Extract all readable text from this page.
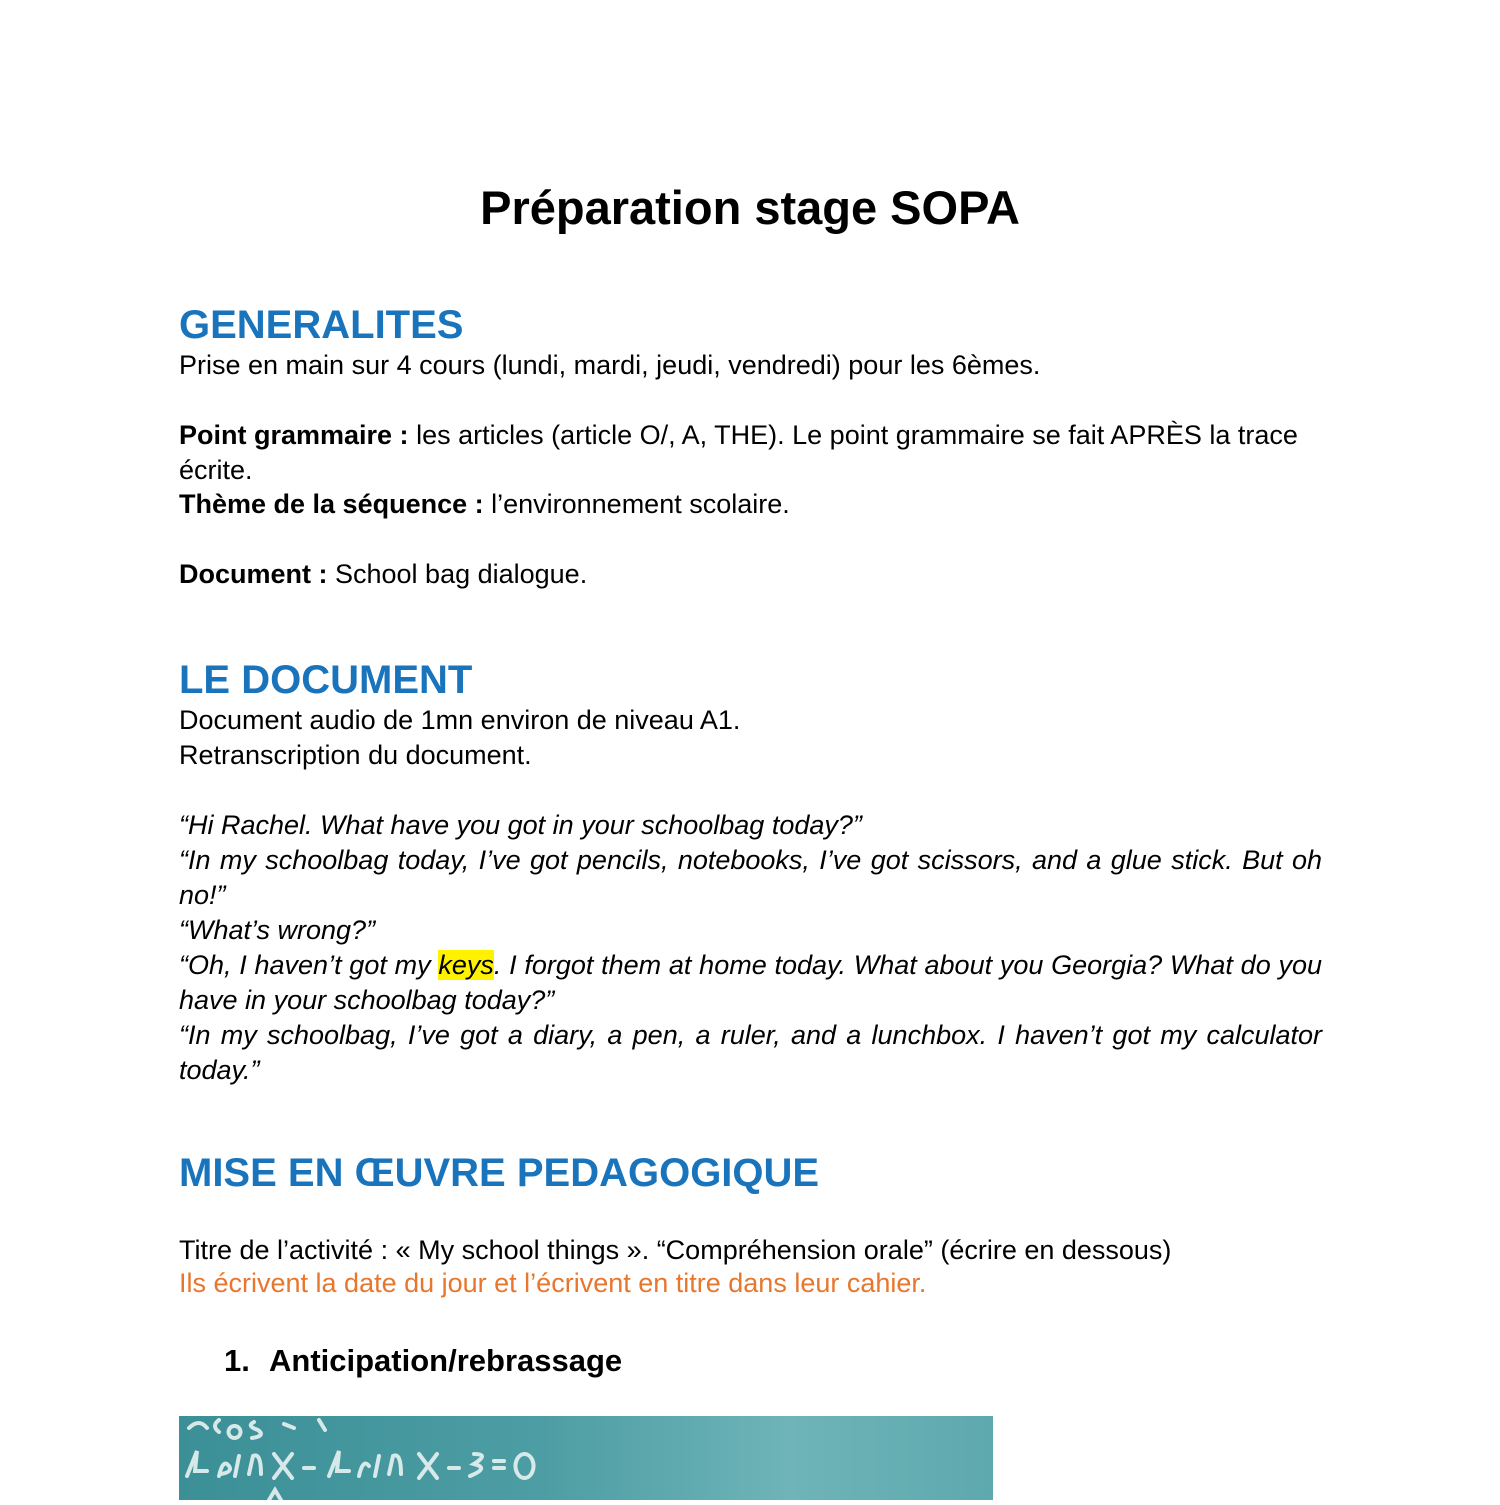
Préparation stage SOPA
GENERALITES
Prise en main sur 4 cours (lundi, mardi, jeudi, vendredi) pour les 6èmes.
Point grammaire : les articles (article O/, A, THE). Le point grammaire se fait APRÈS la trace écrite.
Thème de la séquence : l’environnement scolaire.
Document : School bag dialogue.
LE DOCUMENT
Document audio de 1mn environ de niveau A1.
Retranscription du document.

“Hi Rachel. What have you got in your schoolbag today?”

“In my schoolbag today, I’ve got pencils, notebooks, I’ve got scissors, and a glue stick. But oh no!”

“What’s wrong?”

“Oh, I haven’t got my keys. I forgot them at home today. What about you Georgia? What do you have in your schoolbag today?”

“In my schoolbag, I’ve got a diary, a pen, a ruler, and a lunchbox. I haven’t got my calculator today.”

MISE EN ŒUVRE PEDAGOGIQUE
Titre de l’activité : « My school things ». “Compréhension orale” (écrire en dessous)
Ils écrivent la date du jour et l’écrivent en titre dans leur cahier.
1. Anticipation/rebrassage
